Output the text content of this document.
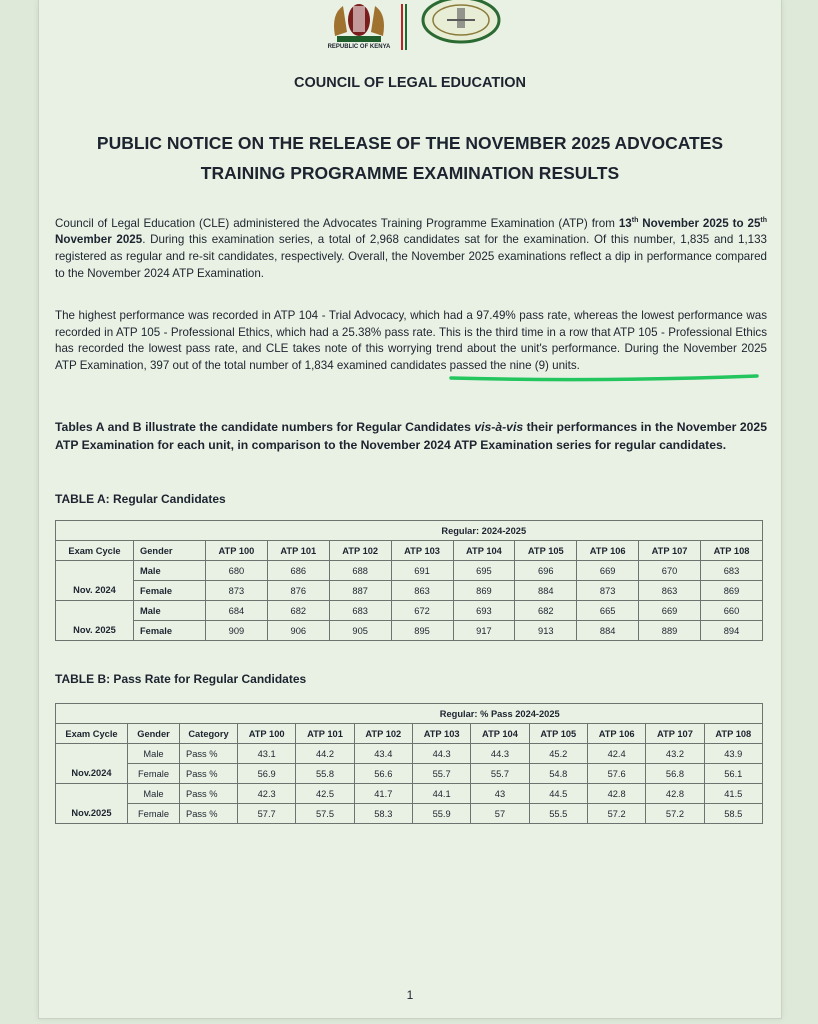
REPUBLIC OF KENYA
COUNCIL OF LEGAL EDUCATION
PUBLIC NOTICE ON THE RELEASE OF THE NOVEMBER 2025 ADVOCATES
TRAINING PROGRAMME EXAMINATION RESULTS
Council of Legal Education (CLE) administered the Advocates Training Programme Examination (ATP) from 13th November 2025 to 25th November 2025. During this examination series, a total of 2,968 candidates sat for the examination. Of this number, 1,835 and 1,133 registered as regular and re-sit candidates, respectively. Overall, the November 2025 examinations reflect a dip in performance compared to the November 2024 ATP Examination.
The highest performance was recorded in ATP 104 - Trial Advocacy, which had a 97.49% pass rate, whereas the lowest performance was recorded in ATP 105 - Professional Ethics, which had a 25.38% pass rate. This is the third time in a row that ATP 105 - Professional Ethics has recorded the lowest pass rate, and CLE takes note of this worrying trend about the unit's performance. During the November 2025 ATP Examination, 397 out of the total number of 1,834 examined candidates passed the nine (9) units.
Tables A and B illustrate the candidate numbers for Regular Candidates vis-à-vis their performances in the November 2025 ATP Examination for each unit, in comparison to the November 2024 ATP Examination series for regular candidates.
TABLE A: Regular Candidates
		Regular: 2024-2025								
Exam Cycle	Gender	ATP 100	ATP 101	ATP 102	ATP 103	ATP 104	ATP 105	ATP 106	ATP 107	ATP 108
	Male	680	686	688	691	695	696	669	670	683
Nov. 2024	Female	873	876	887	863	869	884	873	863	869
	Male	684	682	683	672	693	682	665	669	660
Nov. 2025	Female	909	906	905	895	917	913	884	889	894
TABLE B: Pass Rate for Regular Candidates
			Regular: % Pass 2024-2025								
Exam Cycle	Gender	Category	ATP 100	ATP 101	ATP 102	ATP 103	ATP 104	ATP 105	ATP 106	ATP 107	ATP 108
	Male	Pass %	43.1	44.2	43.4	44.3	44.3	45.2	42.4	43.2	43.9
Nov.2024	Female	Pass %	56.9	55.8	56.6	55.7	55.7	54.8	57.6	56.8	56.1
	Male	Pass %	42.3	42.5	41.7	44.1	43	44.5	42.8	42.8	41.5
Nov.2025	Female	Pass %	57.7	57.5	58.3	55.9	57	55.5	57.2	57.2	58.5
1
